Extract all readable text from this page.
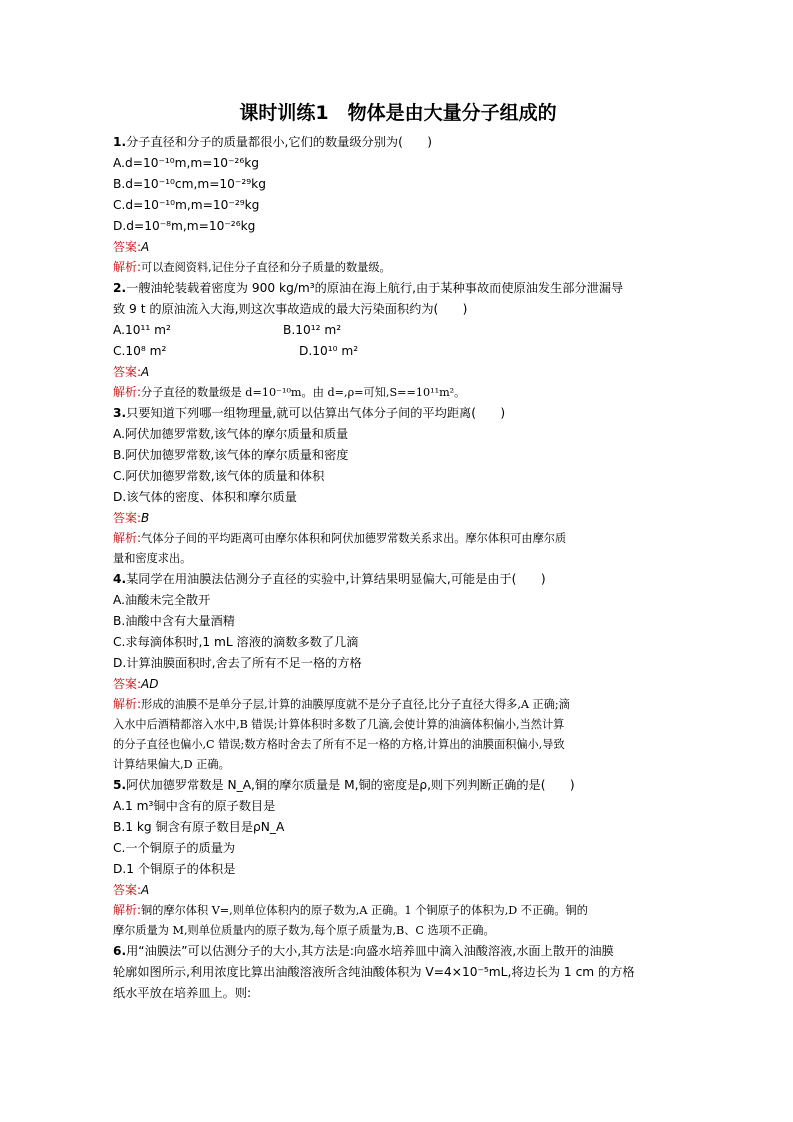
课时训练1　物体是由大量分子组成的
1.分子直径和分子的质量都很小,它们的数量级分别为(　　)
A.d=10⁻¹⁰m,m=10⁻²⁶kg
B.d=10⁻¹⁰cm,m=10⁻²⁹kg
C.d=10⁻¹⁰m,m=10⁻²⁹kg
D.d=10⁻⁸m,m=10⁻²⁶kg
答案:A
解析:可以查阅资料,记住分子直径和分子质量的数量级。
2.一艘油轮装载着密度为 900 kg/m³的原油在海上航行,由于某种事故而使原油发生部分泄漏导
致 9 t 的原油流入大海,则这次事故造成的最大污染面积约为(　　)
A.10¹¹ m²	B.10¹² m²
C.10⁸ m²	D.10¹⁰ m²
答案:A
解析:分子直径的数量级是 d=10⁻¹⁰m。由 d=,ρ=可知,S==10¹¹m²。
3.只要知道下列哪一组物理量,就可以估算出气体分子间的平均距离(　　)
A.阿伏加德罗常数,该气体的摩尔质量和质量
B.阿伏加德罗常数,该气体的摩尔质量和密度
C.阿伏加德罗常数,该气体的质量和体积
D.该气体的密度、体积和摩尔质量
答案:B
解析:气体分子间的平均距离可由摩尔体积和阿伏加德罗常数关系求出。摩尔体积可由摩尔质
量和密度求出。
4.某同学在用油膜法估测分子直径的实验中,计算结果明显偏大,可能是由于(　　)
A.油酸未完全散开
B.油酸中含有大量酒精
C.求每滴体积时,1 mL 溶液的滴数多数了几滴
D.计算油膜面积时,舍去了所有不足一格的方格
答案:AD
解析:形成的油膜不是单分子层,计算的油膜厚度就不是分子直径,比分子直径大得多,A 正确;滴
入水中后酒精都溶入水中,B 错误;计算体积时多数了几滴,会使计算的油滴体积偏小,当然计算
的分子直径也偏小,C 错误;数方格时舍去了所有不足一格的方格,计算出的油膜面积偏小,导致
计算结果偏大,D 正确。
5.阿伏加德罗常数是 N_A,铜的摩尔质量是 M,铜的密度是ρ,则下列判断正确的是(　　)
A.1 m³铜中含有的原子数目是
B.1 kg 铜含有原子数目是ρN_A
C.一个铜原子的质量为
D.1 个铜原子的体积是
答案:A
解析:铜的摩尔体积 V=,则单位体积内的原子数为,A 正确。1 个铜原子的体积为,D 不正确。铜的
摩尔质量为 M,则单位质量内的原子数为,每个原子质量为,B、C 选项不正确。
6.用“油膜法”可以估测分子的大小,其方法是:向盛水培养皿中滴入油酸溶液,水面上散开的油膜
轮廓如图所示,利用浓度比算出油酸溶液所含纯油酸体积为 V=4×10⁻⁵mL,将边长为 1 cm 的方格
纸水平放在培养皿上。则:
